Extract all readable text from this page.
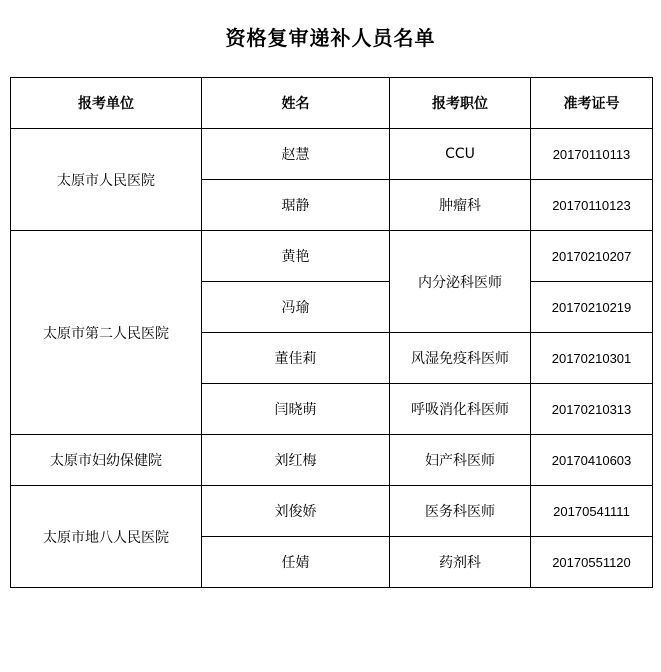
资格复审递补人员名单
报考单位	姓名	报考职位	准考证号
太原市人民医院	赵慧	CCU	20170110113
	琚静	肿瘤科	20170110123
太原市第二人民医院	黄艳	内分泌科医师	20170210207
	冯瑜		20170210219
	董佳莉	风湿免疫科医师	20170210301
	闫晓萌	呼吸消化科医师	20170210313
太原市妇幼保健院	刘红梅	妇产科医师	20170410603
太原市地八人民医院	刘俊娇	医务科医师	20170541111
	任婧	药剂科	20170551120
